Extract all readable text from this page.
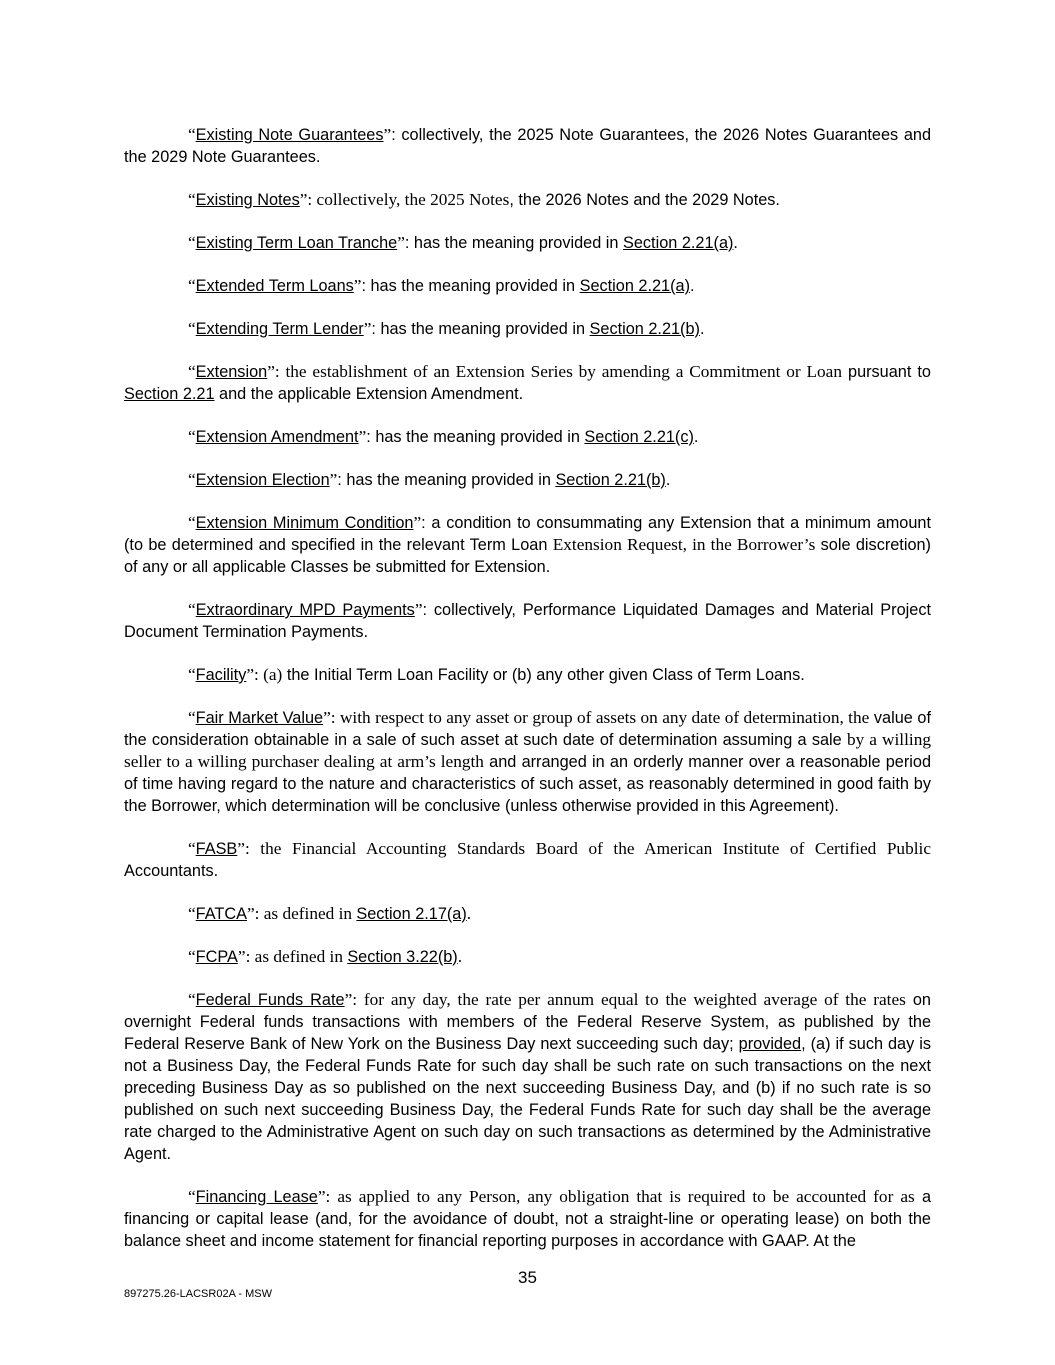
“Existing Note Guarantees”: collectively, the 2025 Note Guarantees, the 2026 Notes Guarantees and the 2029 Note Guarantees.

“Existing Notes”: collectively, the 2025 Notes, the 2026 Notes and the 2029 Notes.

“Existing Term Loan Tranche”: has the meaning provided in Section 2.21(a).

“Extended Term Loans”: has the meaning provided in Section 2.21(a).

“Extending Term Lender”: has the meaning provided in Section 2.21(b).

“Extension”: the establishment of an Extension Series by amending a Commitment or Loan pursuant to Section 2.21 and the applicable Extension Amendment.

“Extension Amendment”: has the meaning provided in Section 2.21(c).

“Extension Election”: has the meaning provided in Section 2.21(b).

“Extension Minimum Condition”: a condition to consummating any Extension that a minimum amount (to be determined and specified in the relevant Term Loan Extension Request, in the Borrower’s sole discretion) of any or all applicable Classes be submitted for Extension.

“Extraordinary MPD Payments”: collectively, Performance Liquidated Damages and Material Project Document Termination Payments.

“Facility”: (a) the Initial Term Loan Facility or (b) any other given Class of Term Loans.

“Fair Market Value”: with respect to any asset or group of assets on any date of determination, the value of the consideration obtainable in a sale of such asset at such date of determination assuming a sale by a willing seller to a willing purchaser dealing at arm’s length and arranged in an orderly manner over a reasonable period of time having regard to the nature and characteristics of such asset, as reasonably determined in good faith by the Borrower, which determination will be conclusive (unless otherwise provided in this Agreement).

“FASB”: the Financial Accounting Standards Board of the American Institute of Certified Public Accountants.

“FATCA”: as defined in Section 2.17(a).

“FCPA”: as defined in Section 3.22(b).

“Federal Funds Rate”: for any day, the rate per annum equal to the weighted average of the rates on overnight Federal funds transactions with members of the Federal Reserve System, as published by the Federal Reserve Bank of New York on the Business Day next succeeding such day; provided, (a) if such day is not a Business Day, the Federal Funds Rate for such day shall be such rate on such transactions on the next preceding Business Day as so published on the next succeeding Business Day, and (b) if no such rate is so published on such next succeeding Business Day, the Federal Funds Rate for such day shall be the average rate charged to the Administrative Agent on such day on such transactions as determined by the Administrative Agent.

“Financing Lease”: as applied to any Person, any obligation that is required to be accounted for as a financing or capital lease (and, for the avoidance of doubt, not a straight-line or operating lease) on both the balance sheet and income statement for financial reporting purposes in accordance with GAAP. At the

35
897275.26-LACSR02A - MSW
